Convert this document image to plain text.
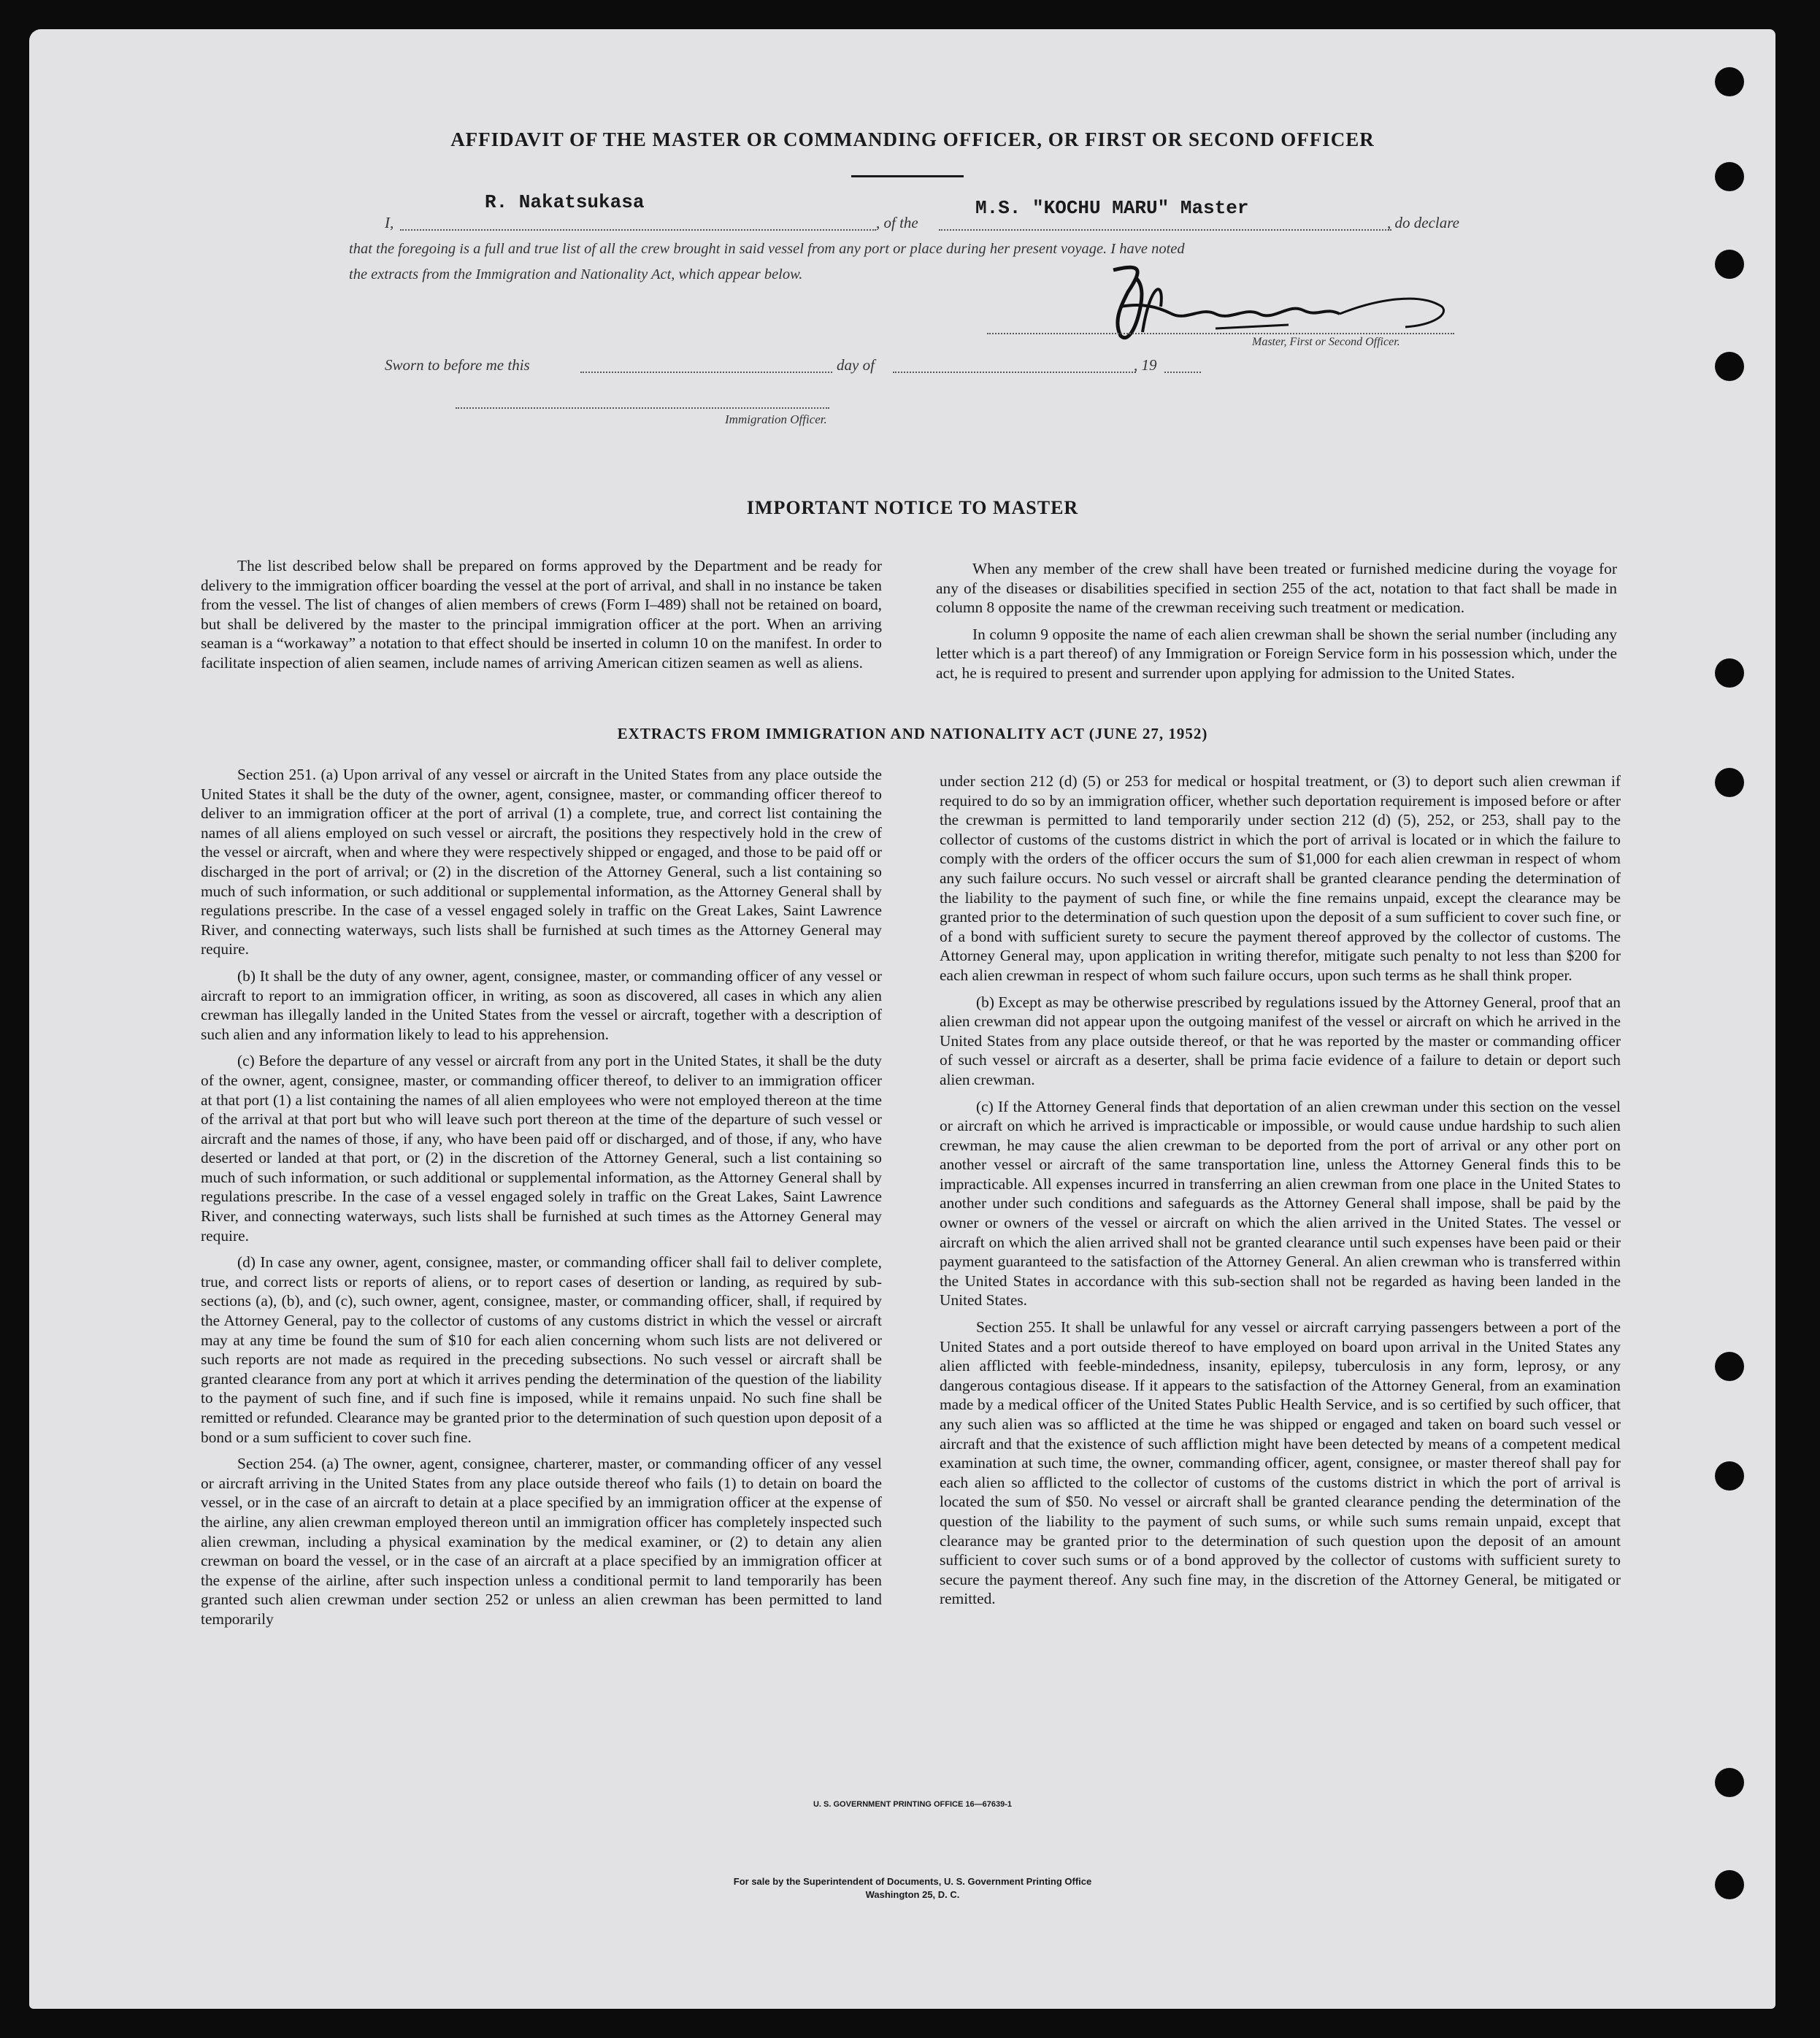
AFFIDAVIT OF THE MASTER OR COMMANDING OFFICER, OR FIRST OR SECOND OFFICER
I,
R. Nakatsukasa
, of the
M.S. "KOCHU MARU" Master
, do declare
that the foregoing is a full and true list of all the crew brought in said vessel from any port or place during her present voyage. I have noted
the extracts from the Immigration and Nationality Act, which appear below.
Master, First or Second Officer.
Sworn to before me this	day of	, 19
Immigration Officer.
IMPORTANT NOTICE TO MASTER

The list described below shall be prepared on forms approved by the Department and be ready for delivery to the immigration officer boarding the vessel at the port of arrival, and shall in no instance be taken from the vessel. The list of changes of alien members of crews (Form I–489) shall not be retained on board, but shall be delivered by the master to the principal immigration officer at the port. When an arriving seaman is a “workaway” a notation to that effect should be inserted in column 10 on the manifest. In order to facilitate inspection of alien seamen, include names of arriving American citizen seamen as well as aliens.

When any member of the crew shall have been treated or furnished medicine during the voyage for any of the diseases or disabilities specified in section 255 of the act, notation to that fact shall be made in column 8 opposite the name of the crewman receiving such treatment or medication.

In column 9 opposite the name of each alien crewman shall be shown the serial number (including any letter which is a part thereof) of any Immigration or Foreign Service form in his possession which, under the act, he is required to present and surrender upon applying for admission to the United States.

EXTRACTS FROM IMMIGRATION AND NATIONALITY ACT (JUNE 27, 1952)

Section 251. (a) Upon arrival of any vessel or aircraft in the United States from any place outside the United States it shall be the duty of the owner, agent, consignee, master, or commanding officer thereof to deliver to an immigration officer at the port of arrival (1) a complete, true, and correct list containing the names of all aliens employed on such vessel or aircraft, the positions they respectively hold in the crew of the vessel or aircraft, when and where they were respectively shipped or engaged, and those to be paid off or discharged in the port of arrival; or (2) in the discretion of the Attorney General, such a list containing so much of such information, or such additional or supplemental information, as the Attorney General shall by regulations prescribe. In the case of a vessel engaged solely in traffic on the Great Lakes, Saint Lawrence River, and connecting waterways, such lists shall be furnished at such times as the Attorney General may require.

(b) It shall be the duty of any owner, agent, consignee, master, or commanding officer of any vessel or aircraft to report to an immigration officer, in writing, as soon as discovered, all cases in which any alien crewman has illegally landed in the United States from the vessel or aircraft, together with a description of such alien and any information likely to lead to his apprehension.

(c) Before the departure of any vessel or aircraft from any port in the United States, it shall be the duty of the owner, agent, consignee, master, or commanding officer thereof, to deliver to an immigration officer at that port (1) a list containing the names of all alien employees who were not employed thereon at the time of the arrival at that port but who will leave such port thereon at the time of the departure of such vessel or aircraft and the names of those, if any, who have been paid off or discharged, and of those, if any, who have deserted or landed at that port, or (2) in the discretion of the Attorney General, such a list containing so much of such information, or such additional or supplemental information, as the Attorney General shall by regulations prescribe. In the case of a vessel engaged solely in traffic on the Great Lakes, Saint Lawrence River, and connecting waterways, such lists shall be furnished at such times as the Attorney General may require.

(d) In case any owner, agent, consignee, master, or commanding officer shall fail to deliver complete, true, and correct lists or reports of aliens, or to report cases of desertion or landing, as required by sub-sections (a), (b), and (c), such owner, agent, consignee, master, or commanding officer, shall, if required by the Attorney General, pay to the collector of customs of any customs district in which the vessel or aircraft may at any time be found the sum of $10 for each alien concerning whom such lists are not delivered or such reports are not made as required in the preceding subsections. No such vessel or aircraft shall be granted clearance from any port at which it arrives pending the determination of the question of the liability to the payment of such fine, and if such fine is imposed, while it remains unpaid. No such fine shall be remitted or refunded. Clearance may be granted prior to the determination of such question upon deposit of a bond or a sum sufficient to cover such fine.

Section 254. (a) The owner, agent, consignee, charterer, master, or commanding officer of any vessel or aircraft arriving in the United States from any place outside thereof who fails (1) to detain on board the vessel, or in the case of an aircraft to detain at a place specified by an immigration officer at the expense of the airline, any alien crewman employed thereon until an immigration officer has completely inspected such alien crewman, including a physical examination by the medical examiner, or (2) to detain any alien crewman on board the vessel, or in the case of an aircraft at a place specified by an immigration officer at the expense of the airline, after such inspection unless a conditional permit to land temporarily has been granted such alien crewman under section 252 or unless an alien crewman has been permitted to land temporarily

under section 212 (d) (5) or 253 for medical or hospital treatment, or (3) to deport such alien crewman if required to do so by an immigration officer, whether such deportation requirement is imposed before or after the crewman is permitted to land temporarily under section 212 (d) (5), 252, or 253, shall pay to the collector of customs of the customs district in which the port of arrival is located or in which the failure to comply with the orders of the officer occurs the sum of $1,000 for each alien crewman in respect of whom any such failure occurs. No such vessel or aircraft shall be granted clearance pending the determination of the liability to the payment of such fine, or while the fine remains unpaid, except the clearance may be granted prior to the determination of such question upon the deposit of a sum sufficient to cover such fine, or of a bond with sufficient surety to secure the payment thereof approved by the collector of customs. The Attorney General may, upon application in writing therefor, mitigate such penalty to not less than $200 for each alien crewman in respect of whom such failure occurs, upon such terms as he shall think proper.

(b) Except as may be otherwise prescribed by regulations issued by the Attorney General, proof that an alien crewman did not appear upon the outgoing manifest of the vessel or aircraft on which he arrived in the United States from any place outside thereof, or that he was reported by the master or commanding officer of such vessel or aircraft as a deserter, shall be prima facie evidence of a failure to detain or deport such alien crewman.

(c) If the Attorney General finds that deportation of an alien crewman under this section on the vessel or aircraft on which he arrived is impracticable or impossible, or would cause undue hardship to such alien crewman, he may cause the alien crewman to be deported from the port of arrival or any other port on another vessel or aircraft of the same transportation line, unless the Attorney General finds this to be impracticable. All expenses incurred in transferring an alien crewman from one place in the United States to another under such conditions and safeguards as the Attorney General shall impose, shall be paid by the owner or owners of the vessel or aircraft on which the alien arrived in the United States. The vessel or aircraft on which the alien arrived shall not be granted clearance until such expenses have been paid or their payment guaranteed to the satisfaction of the Attorney General. An alien crewman who is transferred within the United States in accordance with this sub-section shall not be regarded as having been landed in the United States.

Section 255. It shall be unlawful for any vessel or aircraft carrying passengers between a port of the United States and a port outside thereof to have employed on board upon arrival in the United States any alien afflicted with feeble-mindedness, insanity, epilepsy, tuberculosis in any form, leprosy, or any dangerous contagious disease. If it appears to the satisfaction of the Attorney General, from an examination made by a medical officer of the United States Public Health Service, and is so certified by such officer, that any such alien was so afflicted at the time he was shipped or engaged and taken on board such vessel or aircraft and that the existence of such affliction might have been detected by means of a competent medical examination at such time, the owner, commanding officer, agent, consignee, or master thereof shall pay for each alien so afflicted to the collector of customs of the customs district in which the port of arrival is located the sum of $50. No vessel or aircraft shall be granted clearance pending the determination of the question of the liability to the payment of such sums, or while such sums remain unpaid, except that clearance may be granted prior to the determination of such question upon the deposit of an amount sufficient to cover such sums or of a bond approved by the collector of customs with sufficient surety to secure the payment thereof. Any such fine may, in the discretion of the Attorney General, be mitigated or remitted.

U. S. GOVERNMENT PRINTING OFFICE 16—67639-1
For sale by the Superintendent of Documents, U. S. Government Printing Office
Washington 25, D. C.
